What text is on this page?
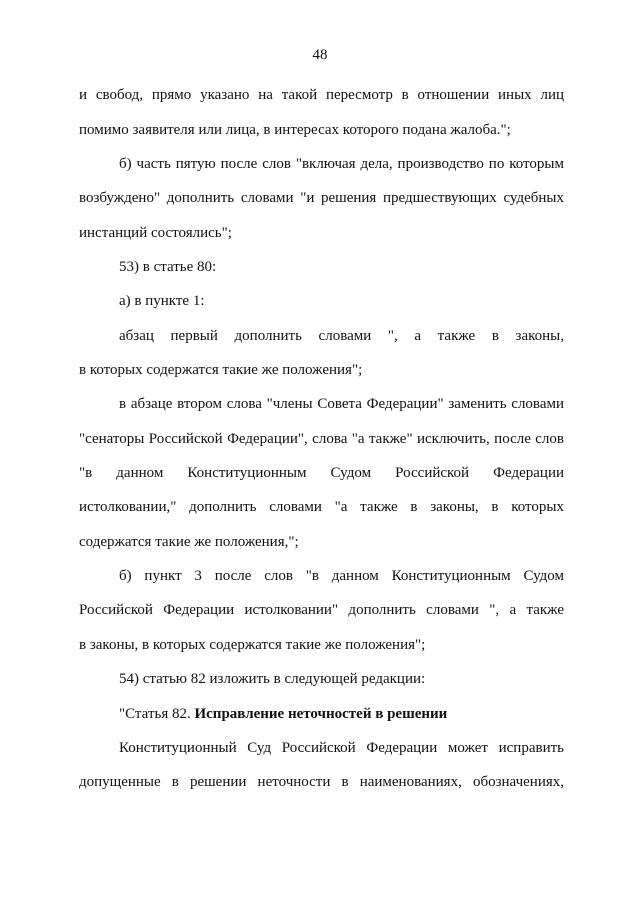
48
и свобод, прямо указано на такой пересмотр в отношении иных лиц
помимо заявителя или лица, в интересах которого подана жалоба.";
б) часть пятую после слов "включая дела, производство по которым
возбуждено" дополнить словами "и решения предшествующих судебных
инстанций состоялись";
53) в статье 80:
а) в пункте 1:
абзац первый дополнить словами ", а также в законы,
в которых содержатся такие же положения";
в абзаце втором слова "члены Совета Федерации" заменить словами
"сенаторы Российской Федерации", слова "а также" исключить, после слов
"в данном Конституционным Судом Российской Федерации
истолковании," дополнить словами "а также в законы, в которых
содержатся такие же положения,";
б) пункт 3 после слов "в данном Конституционным Судом
Российской Федерации истолковании" дополнить словами ", а также
в законы, в которых содержатся такие же положения";
54) статью 82 изложить в следующей редакции:
"Статья 82. Исправление неточностей в решении
Конституционный Суд Российской Федерации может исправить
допущенные в решении неточности в наименованиях, обозначениях,
